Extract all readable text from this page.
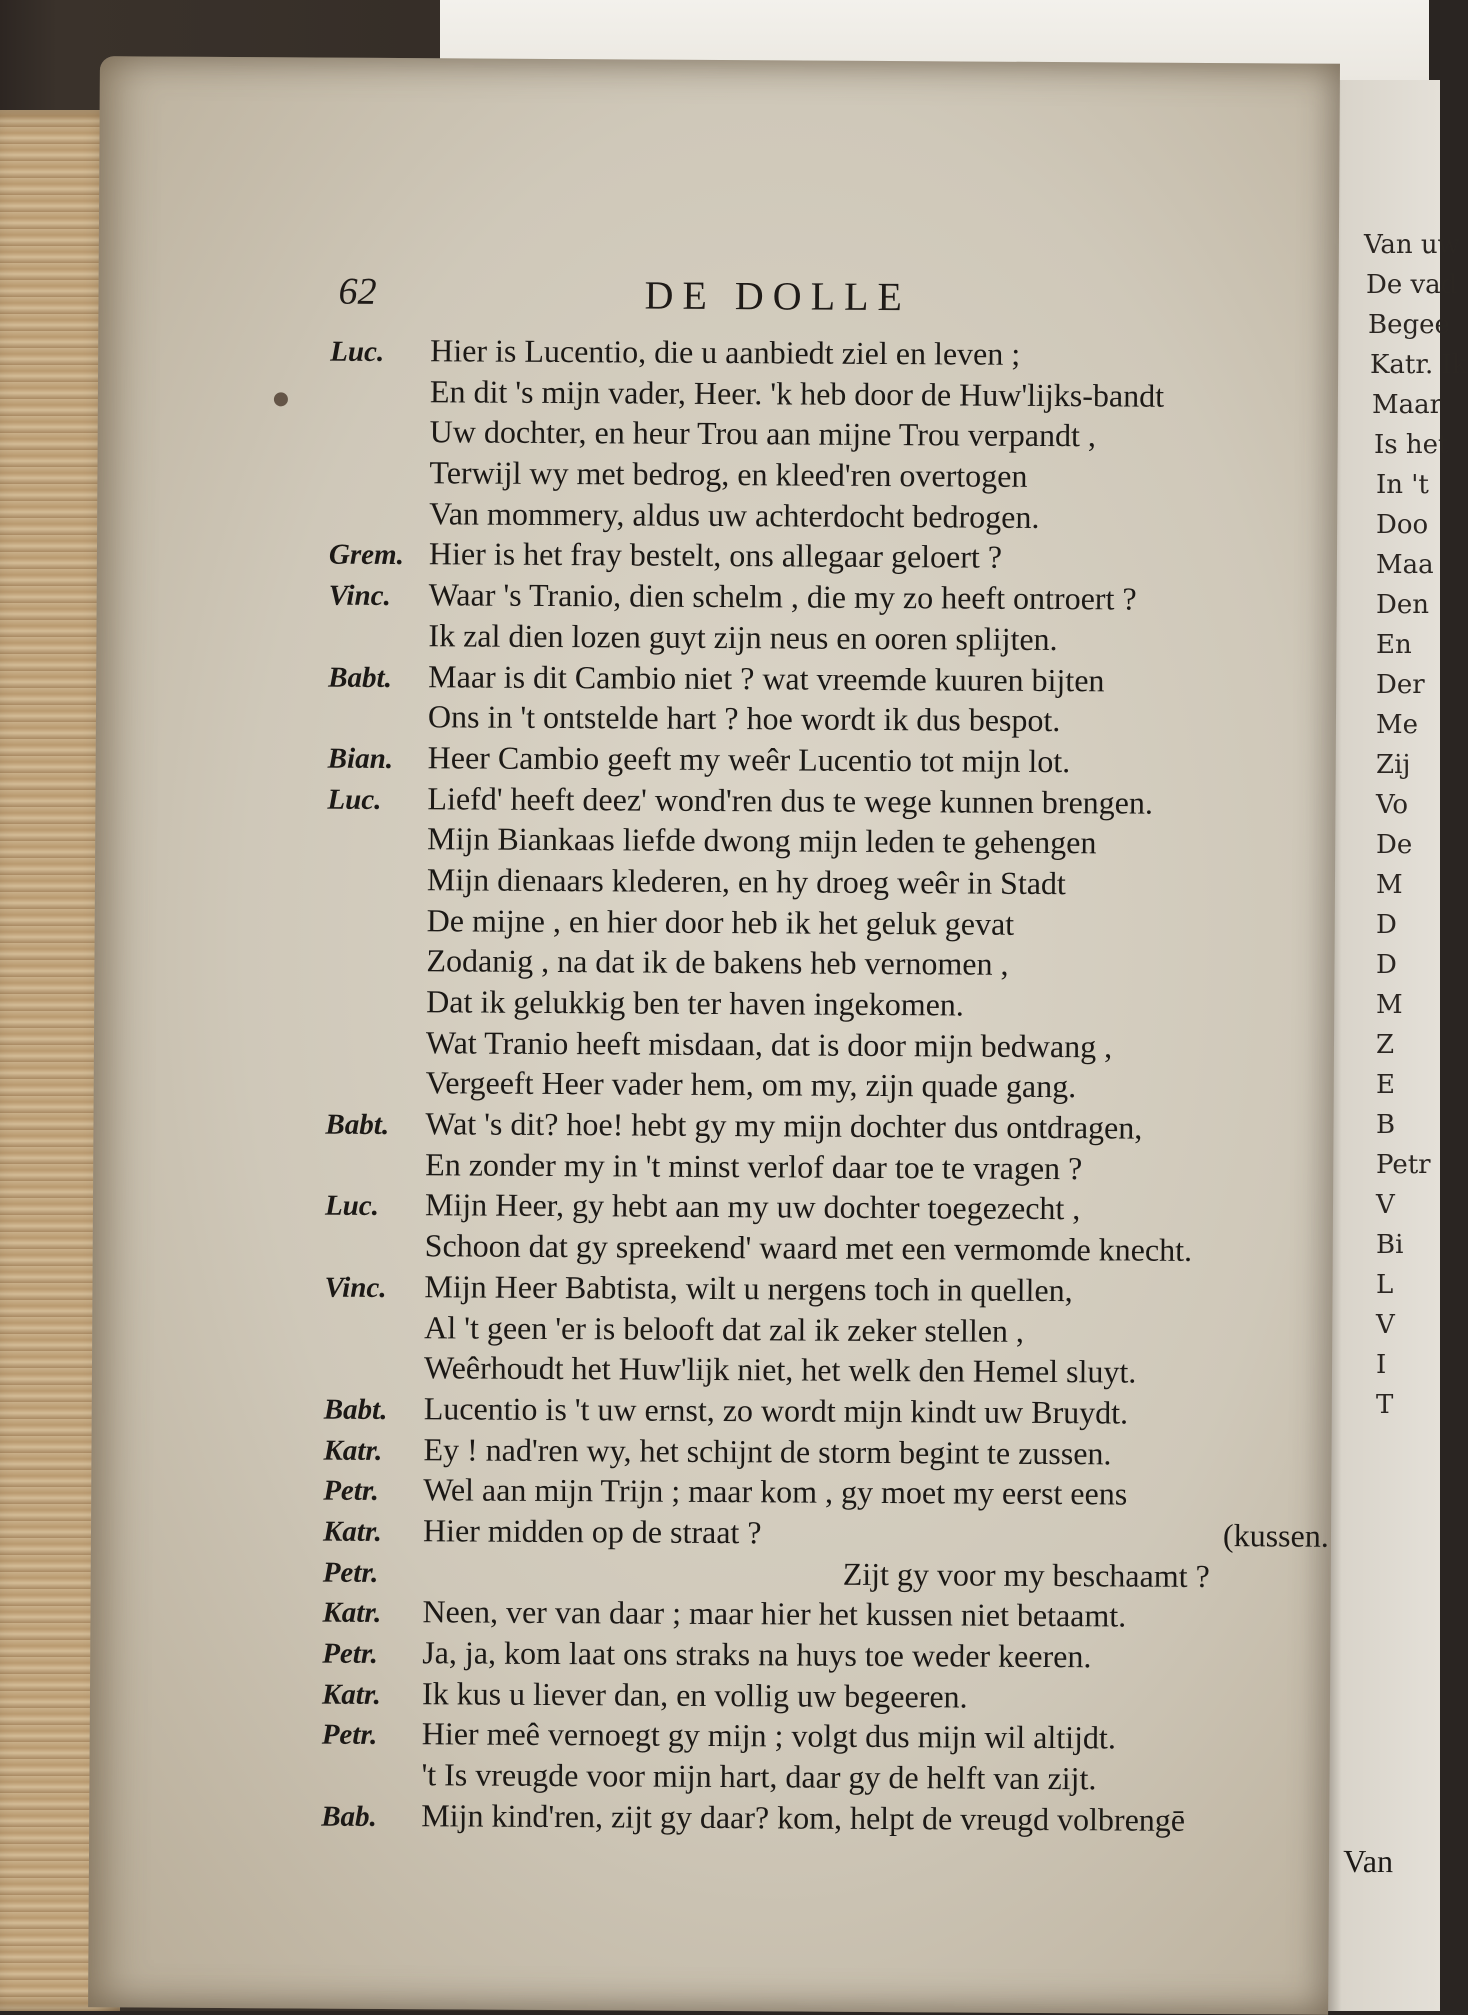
Van uw
De vad
Begee
Katr. Ik
Maar
Is het
In 't
Doo
Maa
Den
En
Der
Me
Zij
Vo
De
M
D
D
M
Z
E
B
Petr
V
Bi
L
V
I
T
62	DE DOLLE
Luc. Hier is Lucentio, die u aanbiedt ziel en leven ;
En dit 's mijn vader, Heer. 'k heb door de Huw'lijks-bandt
Uw dochter, en heur Trou aan mijne Trou verpandt ,
Terwijl wy met bedrog, en kleed'ren overtogen
Van mommery, aldus uw achterdocht bedrogen.
Grem. Hier is het fray bestelt, ons allegaar geloert ?
Vinc. Waar 's Tranio, dien schelm , die my zo heeft ontroert ?
Ik zal dien lozen guyt zijn neus en ooren splijten.
Babt. Maar is dit Cambio niet ? wat vreemde kuuren bijten
Ons in 't ontstelde hart ? hoe wordt ik dus bespot.
Bian. Heer Cambio geeft my weêr Lucentio tot mijn lot.
Luc. Liefd' heeft deez' wond'ren dus te wege kunnen brengen.
Mijn Biankaas liefde dwong mijn leden te gehengen
Mijn dienaars klederen, en hy droeg weêr in Stadt
De mijne , en hier door heb ik het geluk gevat
Zodanig , na dat ik de bakens heb vernomen ,
Dat ik gelukkig ben ter haven ingekomen.
Wat Tranio heeft misdaan, dat is door mijn bedwang ,
Vergeeft Heer vader hem, om my, zijn quade gang.
Babt. Wat 's dit? hoe! hebt gy my mijn dochter dus ontdragen,
En zonder my in 't minst verlof daar toe te vragen ?
Luc. Mijn Heer, gy hebt aan my uw dochter toegezecht ,
Schoon dat gy spreekend' waard met een vermomde knecht.
Vinc. Mijn Heer Babtista, wilt u nergens toch in quellen,
Al 't geen 'er is belooft dat zal ik zeker stellen ,
Weêrhoudt het Huw'lijk niet, het welk den Hemel sluyt.
Babt. Lucentio is 't uw ernst, zo wordt mijn kindt uw Bruydt.
Katr. Ey ! nad'ren wy, het schijnt de storm begint te zussen.
Petr. Wel aan mijn Trijn ; maar kom , gy moet my eerst eens
Katr. Hier midden op de straat ?	(kussen.
Petr.	Zijt gy voor my beschaamt ?
Katr. Neen, ver van daar ; maar hier het kussen niet betaamt.
Petr. Ja, ja, kom laat ons straks na huys toe weder keeren.
Katr. Ik kus u liever dan, en vollig uw begeeren.
Petr. Hier meê vernoegt gy mijn ; volgt dus mijn wil altijdt.
't Is vreugde voor mijn hart, daar gy de helft van zijt.
Bab. Mijn kind'ren, zijt gy daar? kom, helpt de vreugd volbrengē
Van
